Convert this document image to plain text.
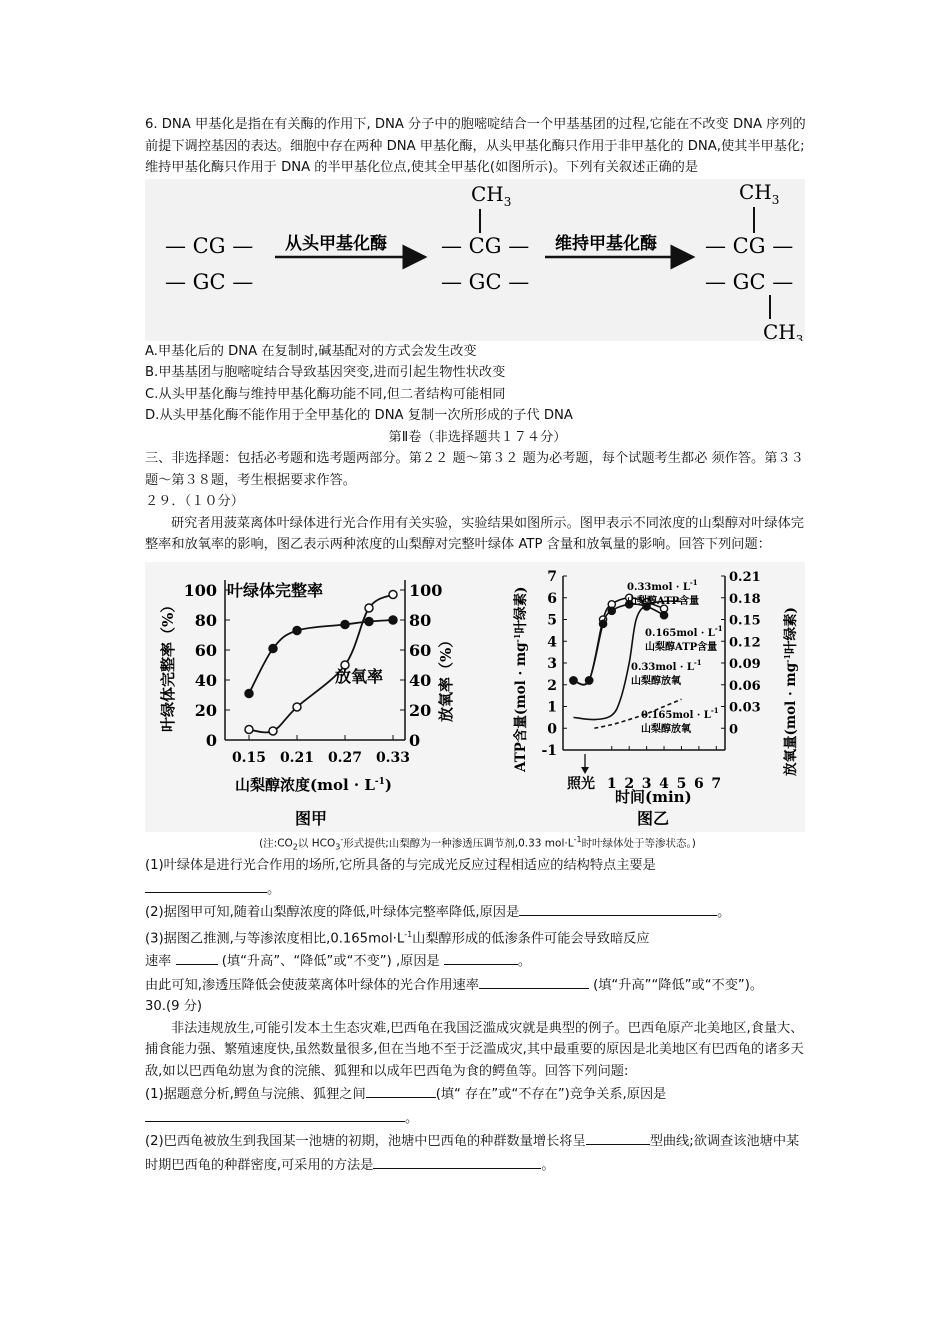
6. DNA 甲基化是指在有关酶的作用下, DNA 分子中的胞嘧啶结合一个甲基基团的过程,它能在不改变 DNA 序列的前提下调控基因的表达。细胞中存在两种 DNA 甲基化酶，从头甲基化酶只作用于非甲基化的 DNA,使其半甲基化;维持甲基化酶只作用于 DNA 的半甲基化位点,使其全甲基化(如图所示)。下列有关叙述正确的是

— CG —
— GC —
从头甲基化酶
$CH_3$
— CG —
— GC —
维持甲基化酶
$CH_3$
— CG —
— GC —
$CH_3$

A.甲基化后的 DNA 在复制时,碱基配对的方式会发生改变

B.甲基基团与胞嘧啶结合导致基因突变,进而引起生物性状改变

C.从头甲基化酶与维持甲基化酶功能不同,但二者结构可能相同

D.从头甲基化酶不能作用于全甲基化的 DNA 复制一次所形成的子代 DNA

第Ⅱ卷（非选择题共１７４分）

三、非选择题：包括必考题和选考题两部分。第２２ 题～第３２ 题为必考题，每个试题考生都必 须作答。第３３题～第３８题，考生根据要求作答。

２９．（１０分）

研究者用菠菜离体叶绿体进行光合作用有关实验，实验结果如图所示。图甲表示不同浓度的山梨醇对叶绿体完整率和放氧率的影响，图乙表示两种浓度的山梨醇对完整叶绿体 ATP 含量和放氧量的影响。回答下列问题：

0	0
20	20
40	40
60	60
80	80
100	100
0.15 0.21 0.27 0.33
叶绿体完整率
放氧率
叶绿体完整率（%）	放氧率（%）
山梨醇浓度$(mol \cdot L^{-1})$
图甲
-1
0
1
2
3
4
5
6
7
0
0.03
0.06
0.09
0.12
0.15
0.18
0.21
1 2 3 4 5 6 7
照光
$0.33mol \cdot L^{-1}$
山梨醇ATP含量
$0.165mol \cdot L^{-1}$
山梨醇ATP含量
$0.33mol \cdot L^{-1}$
山梨醇放氧
$0.165mol \cdot L^{-1}$
山梨醇放氧
ATP含量($mol \cdot mg^{-1}$叶绿素)
放氧量($mol \cdot mg^{-1}$叶绿素)
时间(min)
图乙

(注$:CO_2$以 $HCO_3^-$形式提供;山梨醇为一种渗透压调节剂,0.33 $mol\cdot L^{-1}$时叶绿体处于等渗状态。)

(1)叶绿体是进行光合作用的场所,它所具备的与完成光反应过程相适应的结构特点主要是

。

(2)据图甲可知,随着山梨醇浓度的降低,叶绿体完整率降低,原因是	。

(3)据图乙推测,与等渗浓度相比$,0.165mol\cdot L^{-1}$山梨醇形成的低渗条件可能会导致暗反应

速率	(填“升高”、“降低”或“不变”) ,原因是	。

由此可知,渗透压降低会使菠菜离体叶绿体的光合作用速率	(填“升高”“降低”或“不变”)。

30.(9 分)

非法违规放生,可能引发本土生态灾难,巴西龟在我国泛滥成灾就是典型的例子。巴西龟原产北美地区,食量大、捕食能力强、繁殖速度快,虽然数量很多,但在当地不至于泛滥成灾,其中最重要的原因是北美地区有巴西龟的诸多天敌,如以巴西龟幼崽为食的浣熊、狐狸和以成年巴西龟为食的鳄鱼等。回答下列问题:

(1)据题意分析,鳄鱼与浣熊、狐狸之间	(填“ 存在”或“不存在”)竞争关系,原因是。

(2)巴西龟被放生到我国某一池塘的初期，池塘中巴西龟的种群数量增长将呈	型曲线;欲调查该池塘中某时期巴西龟的种群密度,可采用的方法是	。
